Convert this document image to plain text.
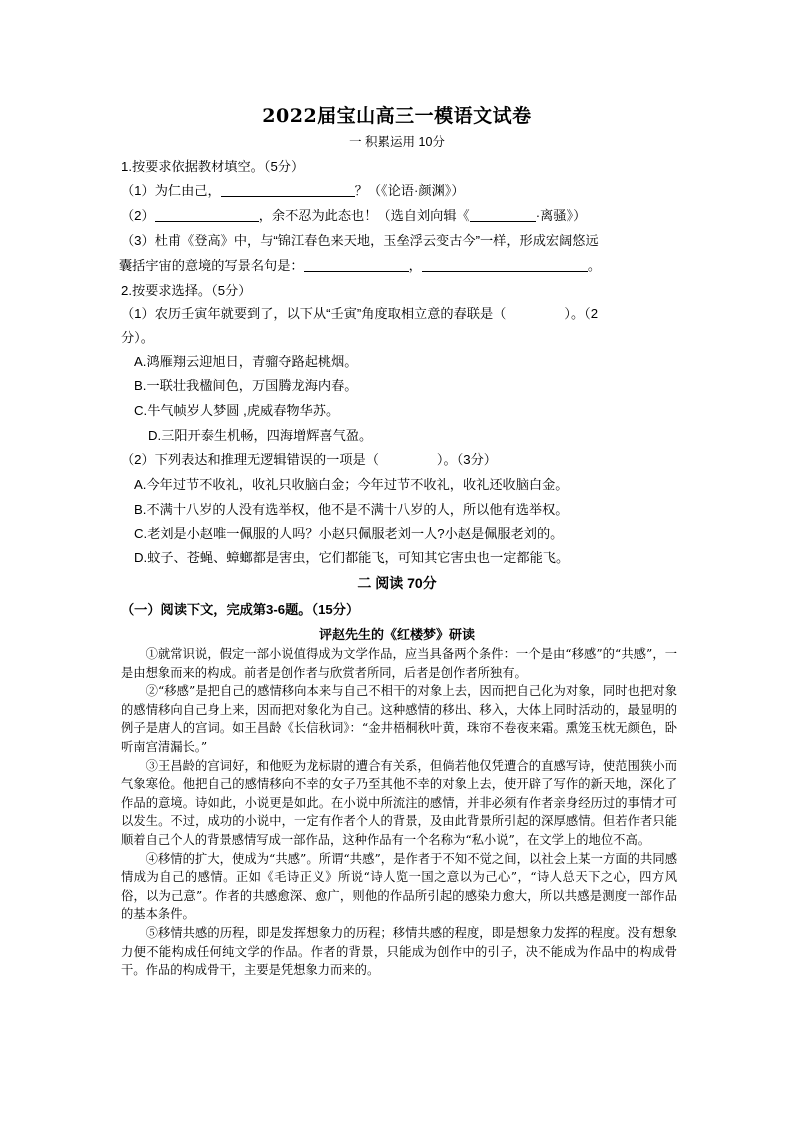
2022届宝山高三一模语文试卷
一 积累运用 10分
1.按要求依据教材填空。（5分）
（1）为仁由己，	？（《论语·颜渊》）
（2）	，余不忍为此态也！（选自刘向辑《	·离骚》）
（3）杜甫《登高》中，与“锦江春色来天地，玉垒浮云变古今”一样，形成宏阔悠远
囊括宇宙的意境的写景名句是：	，	。
2.按要求选择。（5分）
（1）农历壬寅年就要到了，以下从“壬寅”角度取相立意的春联是（	）。（2
分）。
A.鸿雁翔云迎旭日，青骝夺路起桃烟。
B.一联壮我楹间色，万国腾龙海内春。
C.牛气帧岁人梦圆 ,虎威春物华苏。
D.三阳开泰生机畅，四海增辉喜气盈。
（2）下列表达和推理无逻辑错误的一项是（	）。（3分）
A.今年过节不收礼，收礼只收脑白金；今年过节不收礼，收礼还收脑白金。
B.不满十八岁的人没有选举权，他不是不满十八岁的人，所以他有选举权。
C.老刘是小赵唯一佩服的人吗？小赵只佩服老刘一人?小赵是佩服老刘的。
D.蚊子、苍蝇、蟑螂都是害虫，它们都能飞，可知其它害虫也一定都能飞。
二 阅读 70分
（一）阅读下文，完成第3-6题。（15分）
评赵先生的《红楼梦》研读

①就常识说，假定一部小说值得成为文学作品，应当具备两个条件：一个是由“移感”的“共感”，一是由想象而来的构成。前者是创作者与欣赏者所同，后者是创作者所独有。

②“移感”是把自己的感情移向本来与自己不相干的对象上去，因而把自己化为对象，同时也把对象的感情移向自己身上来，因而把对象化为自己。这种感情的移出、移入，大体上同时活动的，最显明的例子是唐人的宫词。如王昌龄《长信秋词》：“金井梧桐秋叶黄，珠帘不卷夜来霜。熏笼玉枕无颜色，卧听南宫清漏长。”

③王昌龄的宫词好，和他贬为龙标尉的遭合有关系，但倘若他仅凭遭合的直感写诗，使范围狭小而气象寒伧。他把自己的感情移向不幸的女子乃至其他不幸的对象上去，使开辟了写作的新天地，深化了作品的意境。诗如此，小说更是如此。在小说中所流注的感情，并非必须有作者亲身经历过的事情才可以发生。不过，成功的小说中，一定有作者个人的背景，及由此背景所引起的深厚感情。但若作者只能顺着自己个人的背景感情写成一部作品，这种作品有一个名称为“私小说”，在文学上的地位不高。

④移情的扩大，使成为“共感”。所谓“共感”，是作者于不知不觉之间，以社会上某一方面的共同感情成为自己的感情。正如《毛诗正义》所说“诗人览一国之意以为己心”，“诗人总天下之心，四方风俗，以为己意”。作者的共感愈深、愈广，则他的作品所引起的感染力愈大，所以共感是测度一部作品的基本条件。

⑤移情共感的历程，即是发挥想象力的历程；移情共感的程度，即是想象力发挥的程度。没有想象力便不能构成任何纯文学的作品。作者的背景，只能成为创作中的引子，决不能成为作品中的构成骨干。作品的构成骨干，主要是凭想象力而来的。
